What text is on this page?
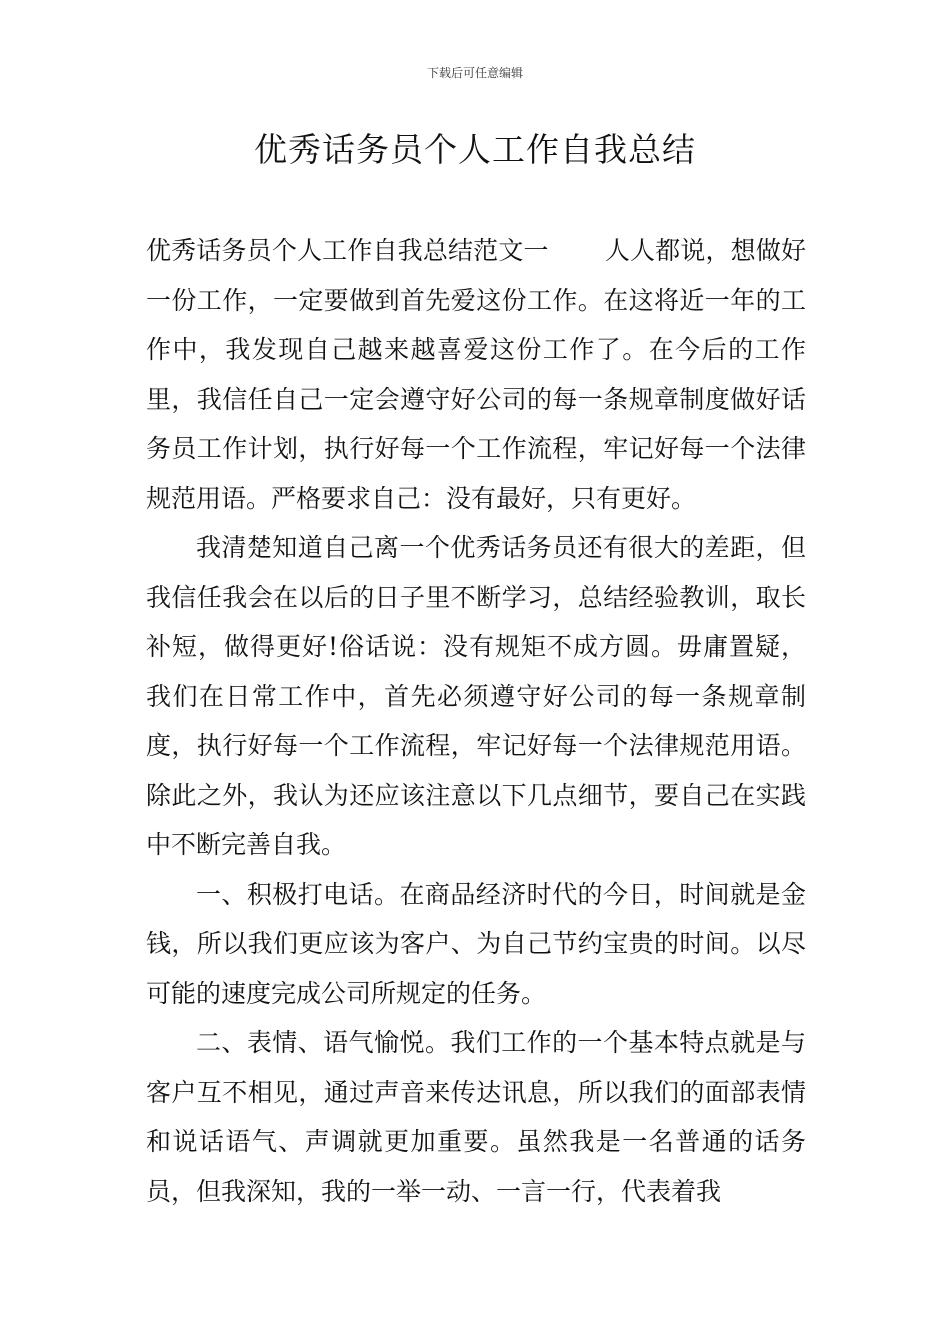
下载后可任意编辑
优秀话务员个人工作自我总结

优秀话务员个人工作自我总结范文一 人人都说，想做好一份工作，一定要做到首先爱这份工作。在这将近一年的工作中，我发现自己越来越喜爱这份工作了。在今后的工作里，我信任自己一定会遵守好公司的每一条规章制度做好话务员工作计划，执行好每一个工作流程，牢记好每一个法律规范用语。严格要求自己：没有最好，只有更好。

我清楚知道自己离一个优秀话务员还有很大的差距，但我信任我会在以后的日子里不断学习，总结经验教训，取长补短，做得更好!俗话说：没有规矩不成方圆。毋庸置疑，我们在日常工作中，首先必须遵守好公司的每一条规章制度，执行好每一个工作流程，牢记好每一个法律规范用语。除此之外，我认为还应该注意以下几点细节，要自己在实践中不断完善自我。

一、积极打电话。在商品经济时代的今日，时间就是金钱，所以我们更应该为客户、为自己节约宝贵的时间。以尽可能的速度完成公司所规定的任务。

二、表情、语气愉悦。我们工作的一个基本特点就是与客户互不相见，通过声音来传达讯息，所以我们的面部表情和说话语气、声调就更加重要。虽然我是一名普通的话务员，但我深知，我的一举一动、一言一行，代表着我
